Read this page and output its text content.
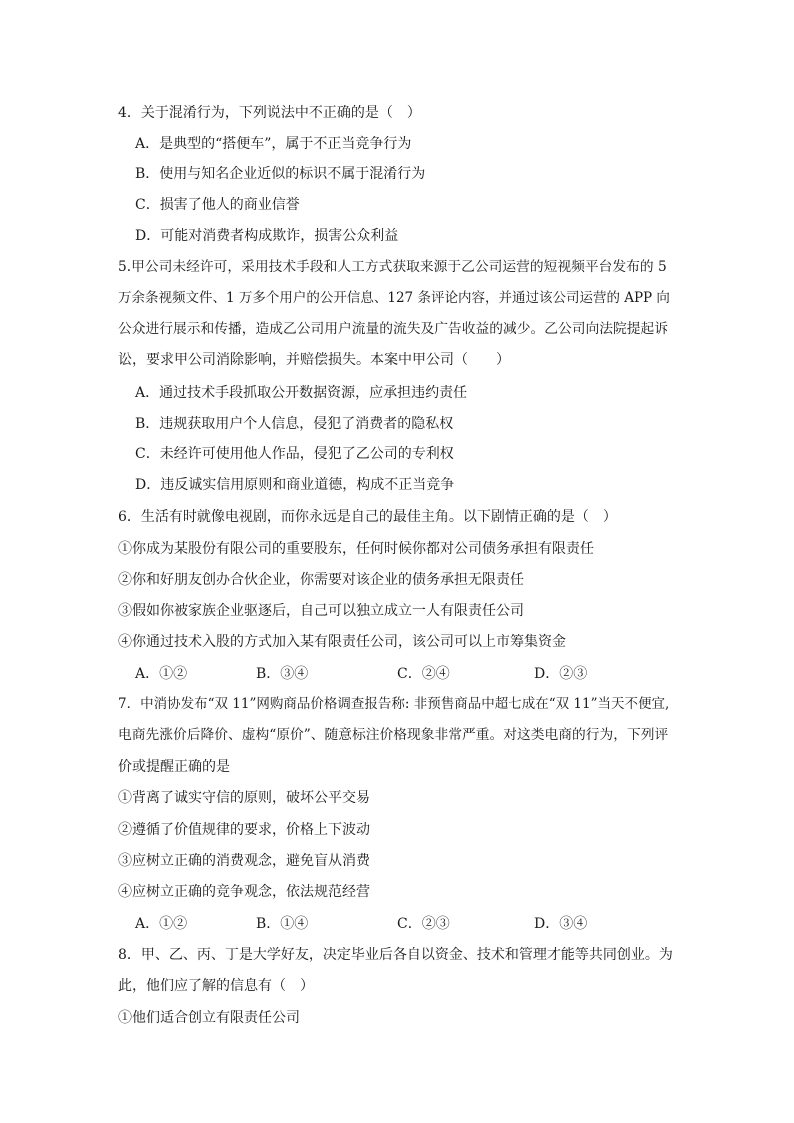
4．关于混淆行为，下列说法中不正确的是（　）
A．是典型的“搭便车”，属于不正当竞争行为
B．使用与知名企业近似的标识不属于混淆行为
C．损害了他人的商业信誉
D．可能对消费者构成欺诈，损害公众利益
5.甲公司未经许可，采用技术手段和人工方式获取来源于乙公司运营的短视频平台发布的 5
万余条视频文件、1 万多个用户的公开信息、127 条评论内容，并通过该公司运营的 APP 向
公众进行展示和传播，造成乙公司用户流量的流失及广告收益的减少。乙公司向法院提起诉
讼，要求甲公司消除影响，并赔偿损失。本案中甲公司（　　）
A．通过技术手段抓取公开数据资源，应承担违约责任
B．违规获取用户个人信息，侵犯了消费者的隐私权
C．未经许可使用他人作品，侵犯了乙公司的专利权
D．违反诚实信用原则和商业道德，构成不正当竞争
6．生活有时就像电视剧，而你永远是自己的最佳主角。以下剧情正确的是（　）
①你成为某股份有限公司的重要股东，任何时候你都对公司债务承担有限责任
②你和好朋友创办合伙企业，你需要对该企业的债务承担无限责任
③假如你被家族企业驱逐后，自己可以独立成立一人有限责任公司
④你通过技术入股的方式加入某有限责任公司，该公司可以上市筹集资金
A．①②	B．③④	C．②④	D．②③
7．中消协发布“双 11”网购商品价格调查报告称: 非预售商品中超七成在“双 11”当天不便宜,
电商先涨价后降价、虚构“原价”、随意标注价格现象非常严重。对这类电商的行为，下列评
价或提醒正确的是
①背离了诚实守信的原则，破坏公平交易
②遵循了价值规律的要求，价格上下波动
③应树立正确的消费观念，避免盲从消费
④应树立正确的竞争观念，依法规范经营
A．①②	B．①④	C．②③	D．③④
8．甲、乙、丙、丁是大学好友，决定毕业后各自以资金、技术和管理才能等共同创业。为
此，他们应了解的信息有（　）
①他们适合创立有限责任公司
